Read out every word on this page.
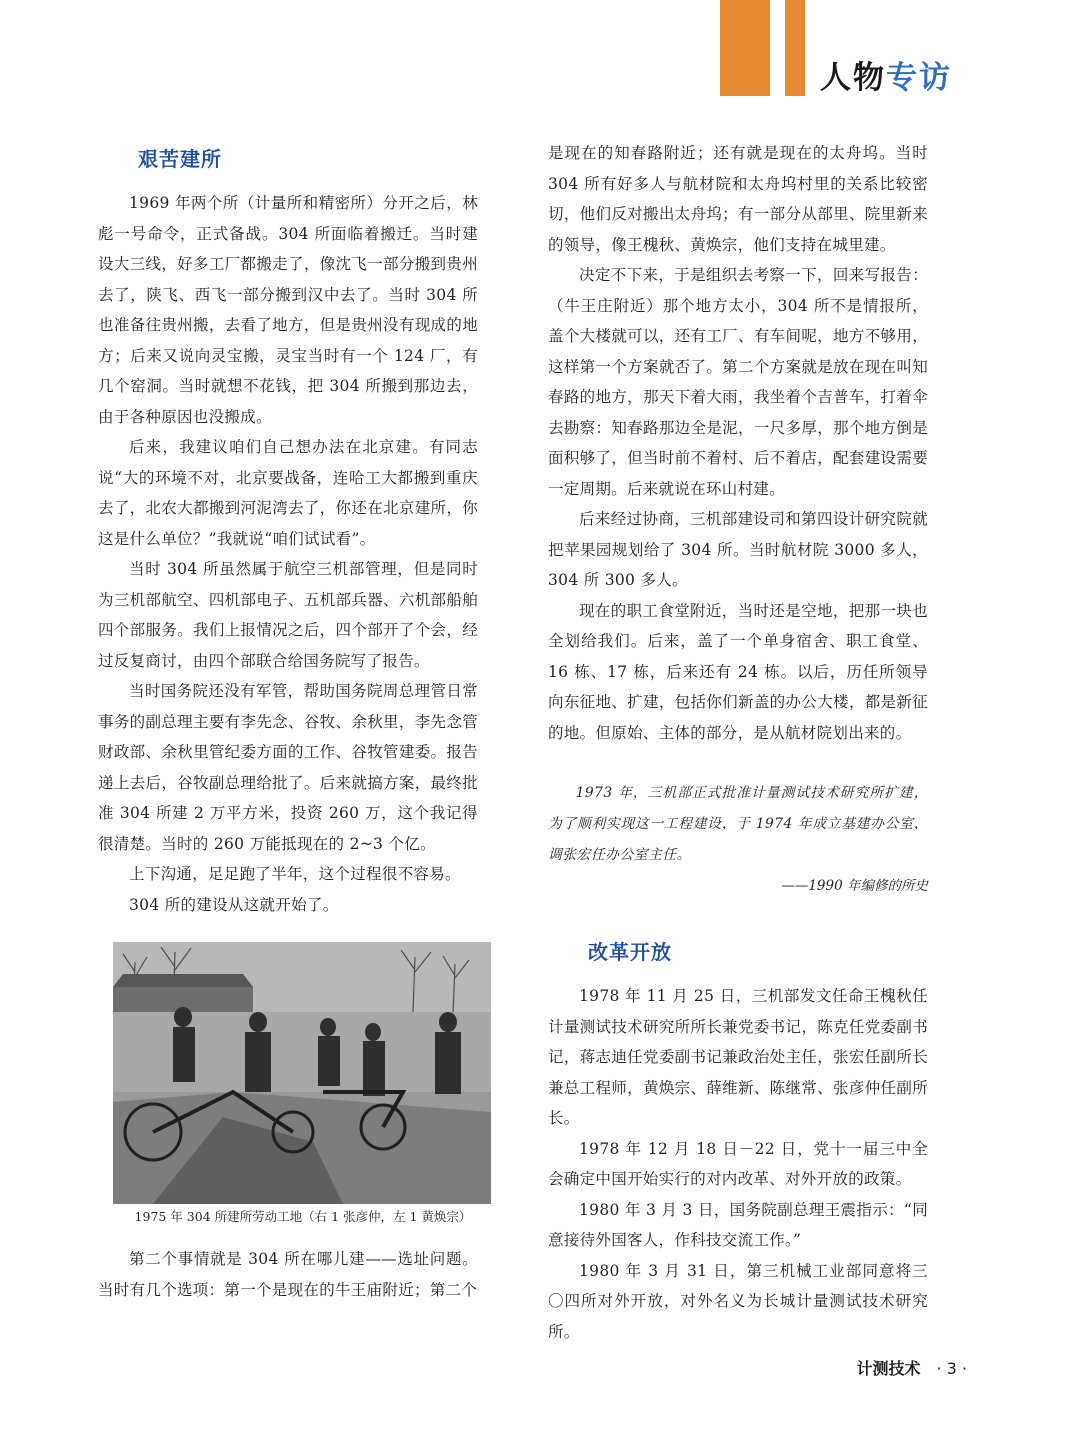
人物专访
艰苦建所

1969 年两个所（计量所和精密所）分开之后，林彪一号命令，正式备战。304 所面临着搬迁。当时建设大三线，好多工厂都搬走了，像沈飞一部分搬到贵州去了，陕飞、西飞一部分搬到汉中去了。当时 304 所也准备往贵州搬，去看了地方，但是贵州没有现成的地方；后来又说向灵宝搬，灵宝当时有一个 124 厂，有几个窑洞。当时就想不花钱，把 304 所搬到那边去，由于各种原因也没搬成。

后来，我建议咱们自己想办法在北京建。有同志说“大的环境不对，北京要战备，连哈工大都搬到重庆去了，北农大都搬到河泥湾去了，你还在北京建所，你这是什么单位？”我就说“咱们试试看”。

当时 304 所虽然属于航空三机部管理，但是同时为三机部航空、四机部电子、五机部兵器、六机部船舶四个部服务。我们上报情况之后，四个部开了个会，经过反复商讨，由四个部联合给国务院写了报告。

当时国务院还没有军管，帮助国务院周总理管日常事务的副总理主要有李先念、谷牧、余秋里，李先念管财政部、余秋里管纪委方面的工作、谷牧管建委。报告递上去后，谷牧副总理给批了。后来就搞方案，最终批准 304 所建 2 万平方米，投资 260 万，这个我记得很清楚。当时的 260 万能抵现在的 2~3 个亿。

上下沟通，足足跑了半年，这个过程很不容易。

304 所的建设从这就开始了。

1975 年 304 所建所劳动工地（右 1 张彦仲，左 1 黄焕宗）

第二个事情就是 304 所在哪儿建——选址问题。当时有几个选项：第一个是现在的牛王庙附近；第二个

是现在的知春路附近；还有就是现在的太舟坞。当时 304 所有好多人与航材院和太舟坞村里的关系比较密切，他们反对搬出太舟坞；有一部分从部里、院里新来的领导，像王槐秋、黄焕宗，他们支持在城里建。

决定不下来，于是组织去考察一下，回来写报告：（牛王庄附近）那个地方太小，304 所不是情报所，盖个大楼就可以，还有工厂、有车间呢，地方不够用，这样第一个方案就否了。第二个方案就是放在现在叫知春路的地方，那天下着大雨，我坐着个吉普车，打着伞去勘察：知春路那边全是泥，一尺多厚，那个地方倒是面积够了，但当时前不着村、后不着店，配套建设需要一定周期。后来就说在环山村建。

后来经过协商，三机部建设司和第四设计研究院就把苹果园规划给了 304 所。当时航材院 3000 多人，304 所 300 多人。

现在的职工食堂附近，当时还是空地，把那一块也全划给我们。后来，盖了一个单身宿舍、职工食堂、16 栋、17 栋，后来还有 24 栋。以后，历任所领导向东征地、扩建，包括你们新盖的办公大楼，都是新征的地。但原始、主体的部分，是从航材院划出来的。

1973 年，三机部正式批准计量测试技术研究所扩建，为了顺利实现这一工程建设，于 1974 年成立基建办公室，调张宏任办公室主任。

——1990 年编修的所史

改革开放

1978 年 11 月 25 日，三机部发文任命王槐秋任计量测试技术研究所所长兼党委书记，陈克任党委副书记，蒋志迪任党委副书记兼政治处主任，张宏任副所长兼总工程师，黄焕宗、薛维新、陈继常、张彦仲任副所长。

1978 年 12 月 18 日－22 日，党十一届三中全会确定中国开始实行的对内改革、对外开放的政策。

1980 年 3 月 3 日，国务院副总理王震指示：“同意接待外国客人，作科技交流工作。”

1980 年 3 月 31 日，第三机械工业部同意将三〇四所对外开放，对外名义为长城计量测试技术研究所。

计测技术 · 3 ·
